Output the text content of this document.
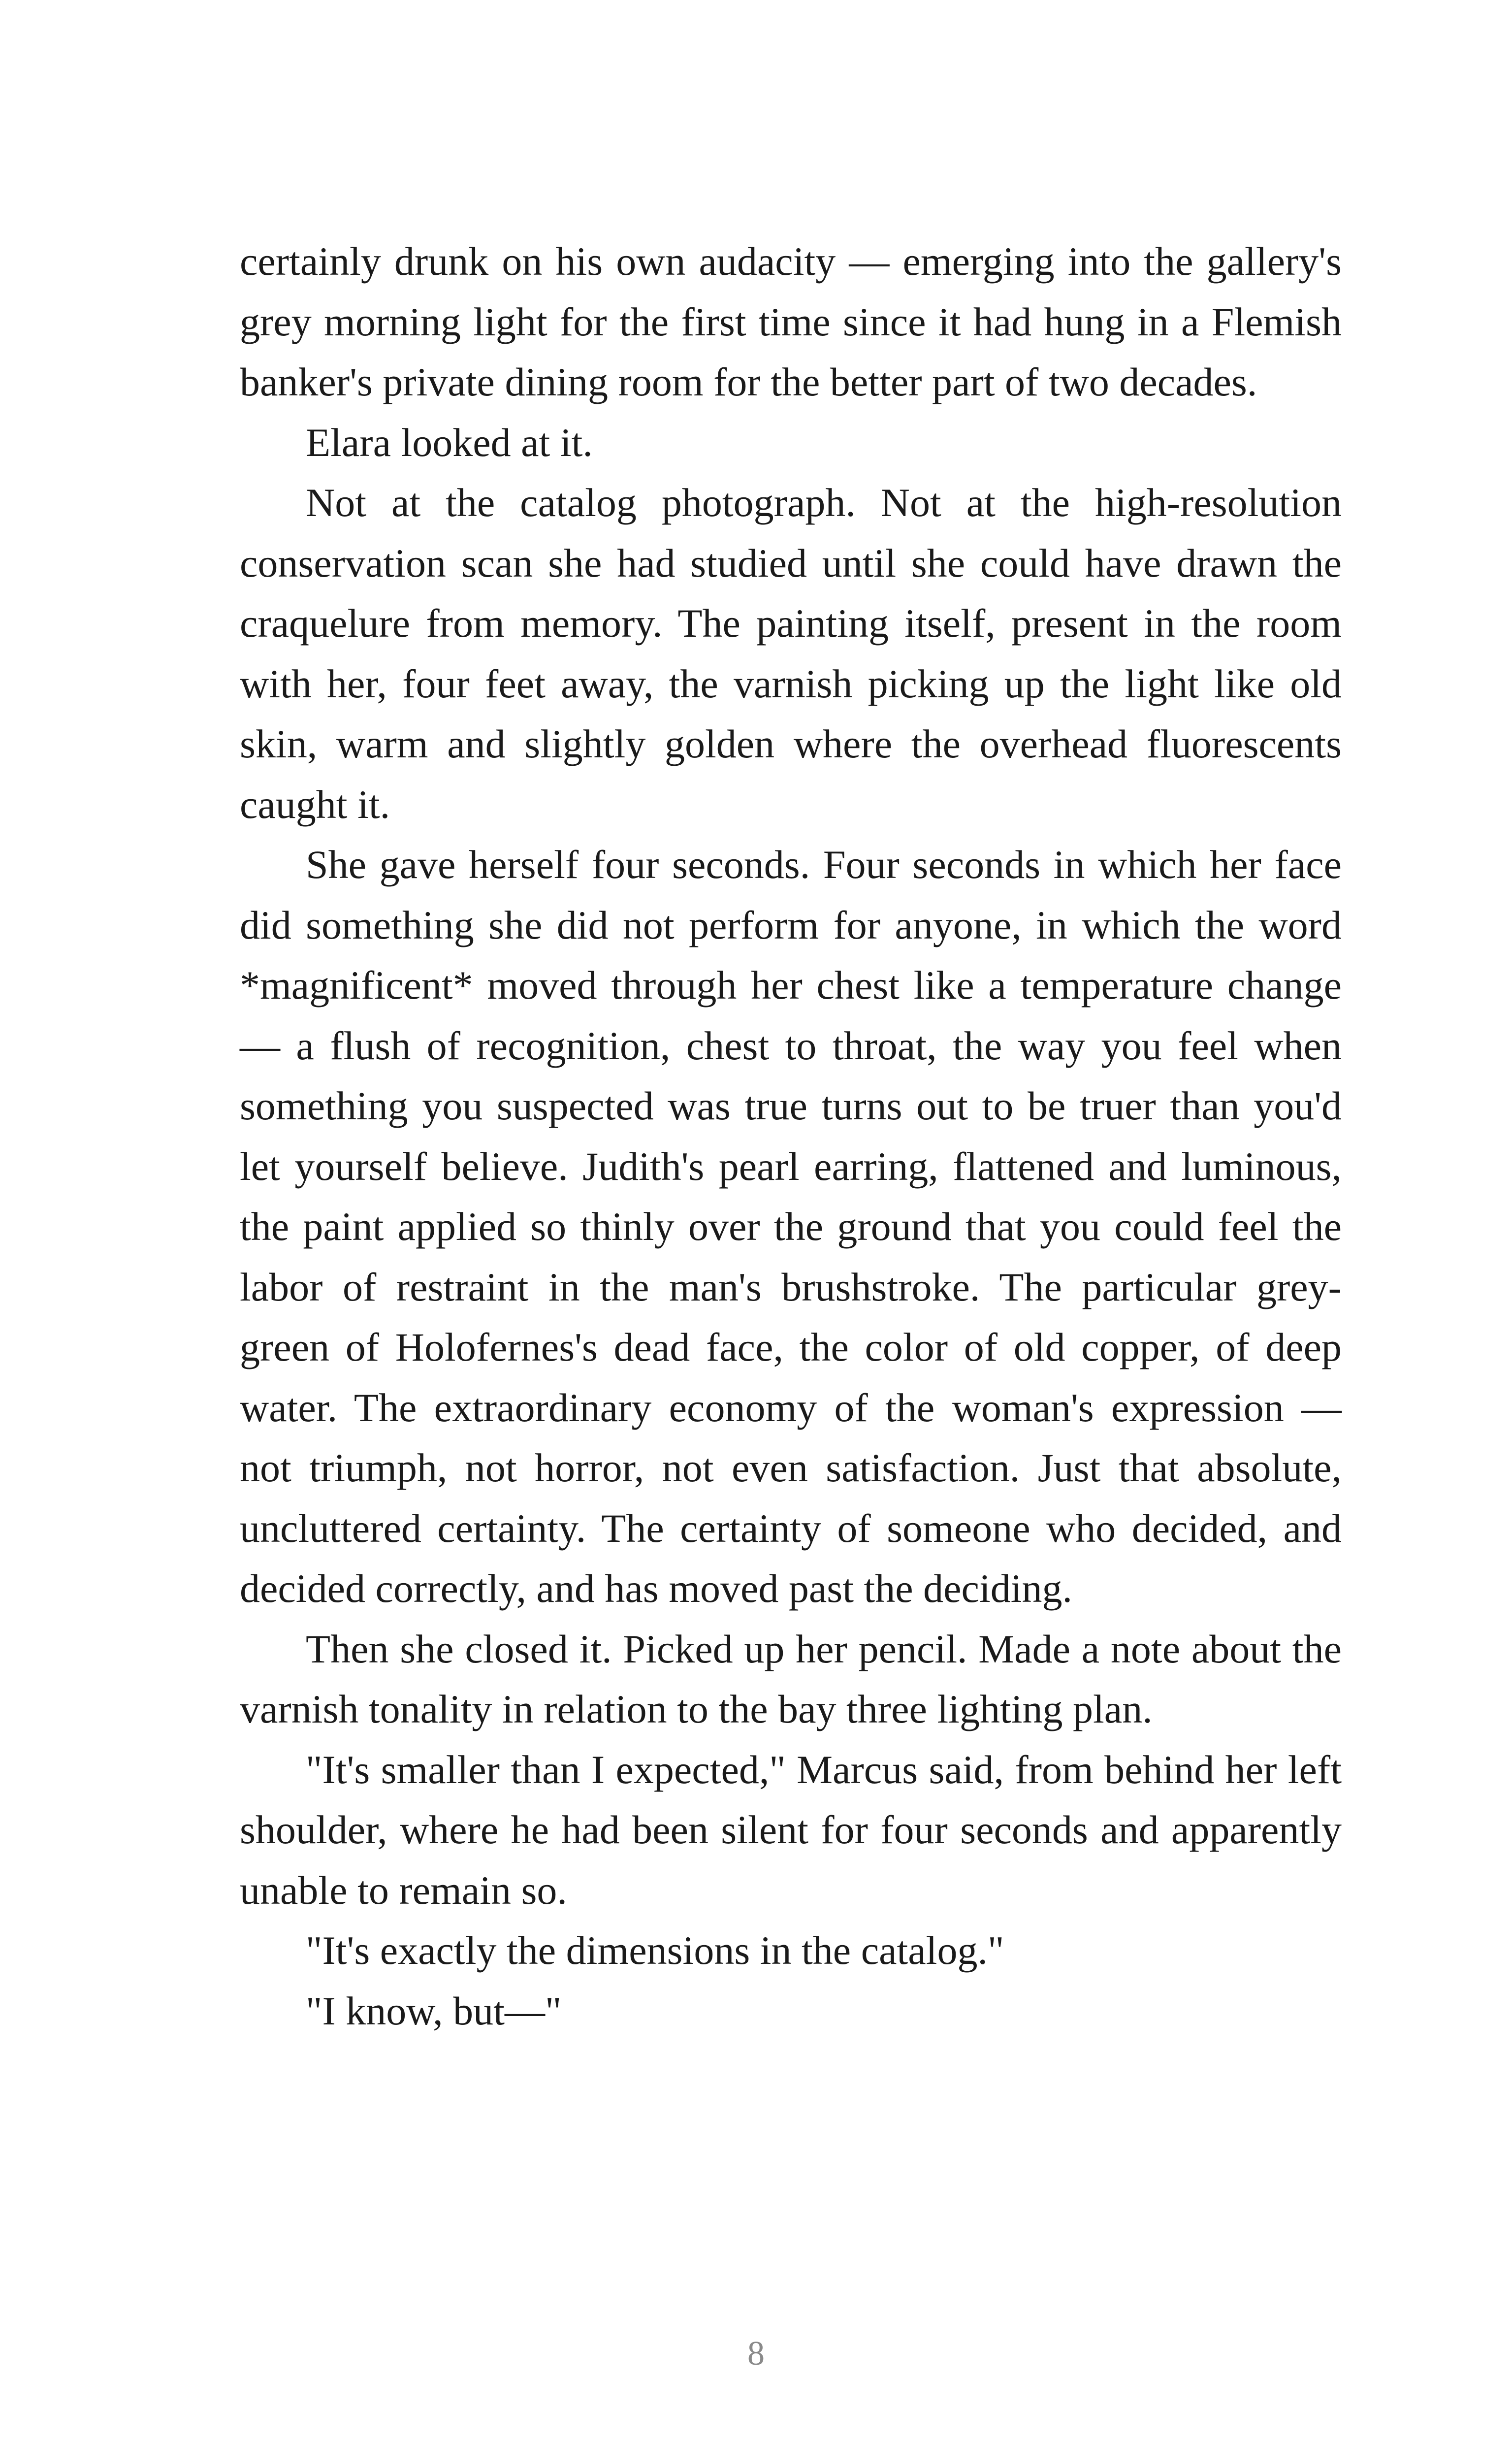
certainly drunk on his own audacity — emerging into the gallery's grey morning light for the first time since it had hung in a Flemish banker's private dining room for the better part of two decades.

Elara looked at it.

Not at the catalog photograph. Not at the high-resolution conservation scan she had studied until she could have drawn the craquelure from memory. The painting itself, present in the room with her, four feet away, the varnish picking up the light like old skin, warm and slightly golden where the overhead fluorescents caught it.

She gave herself four seconds. Four seconds in which her face did something she did not perform for anyone, in which the word *magnificent* moved through her chest like a temperature change — a flush of recognition, chest to throat, the way you feel when something you suspected was true turns out to be truer than you'd let yourself believe. Judith's pearl earring, flattened and luminous, the paint applied so thinly over the ground that you could feel the labor of restraint in the man's brushstroke. The particular grey-green of Holofernes's dead face, the color of old copper, of deep water. The extraordinary economy of the woman's expression — not triumph, not horror, not even satisfaction. Just that absolute, uncluttered certainty. The certainty of someone who decided, and decided correctly, and has moved past the deciding.

Then she closed it. Picked up her pencil. Made a note about the varnish tonality in relation to the bay three lighting plan.

"It's smaller than I expected," Marcus said, from behind her left shoulder, where he had been silent for four seconds and apparently unable to remain so.

"It's exactly the dimensions in the catalog."

"I know, but—"

8
